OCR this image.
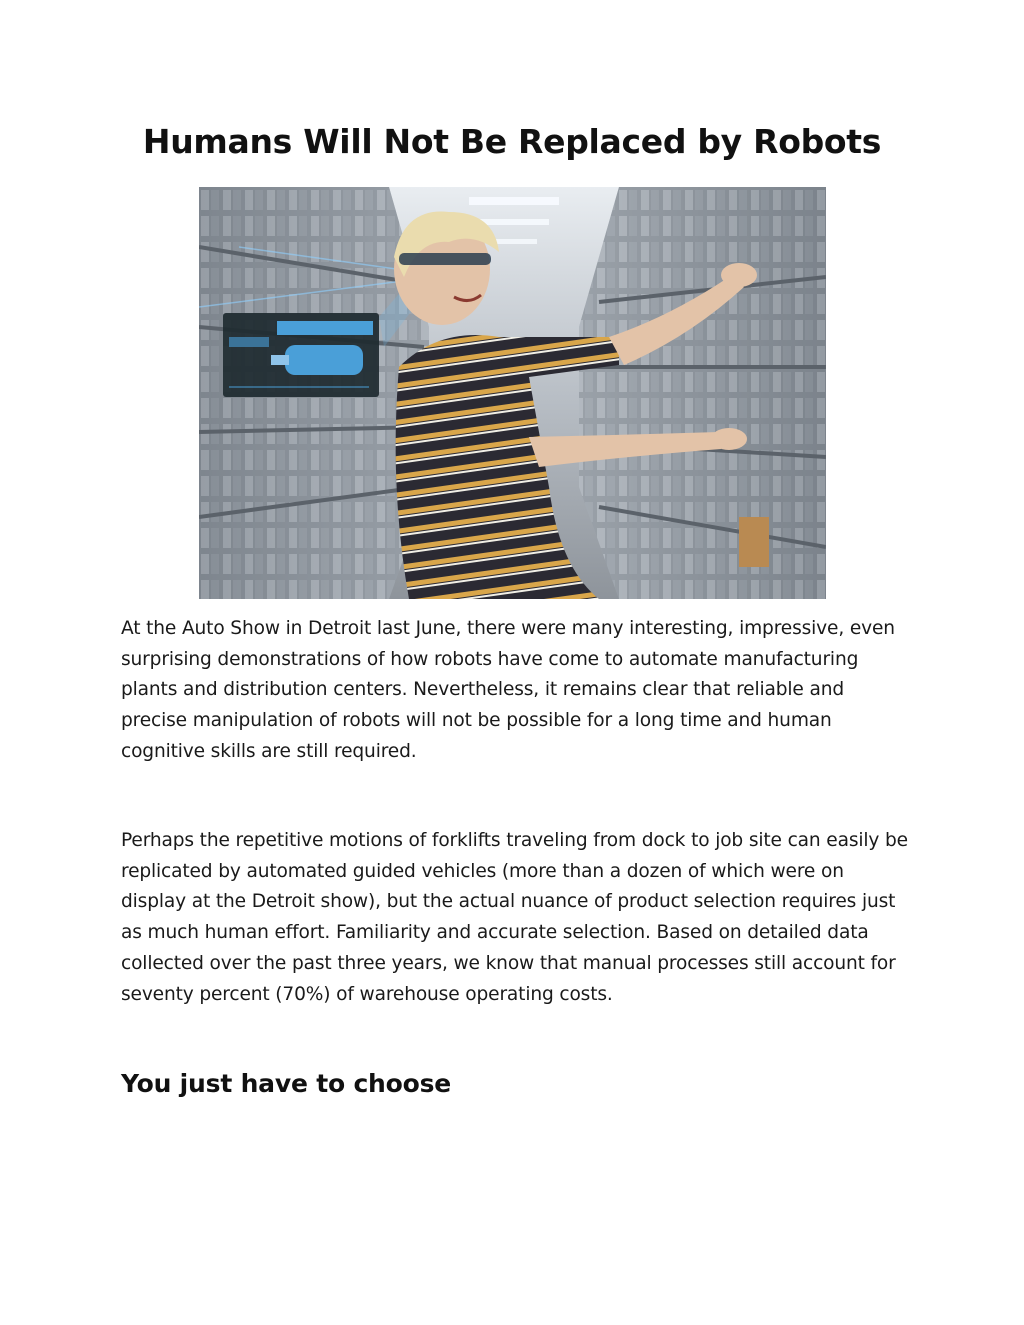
Humans Will Not Be Replaced by Robots

At the Auto Show in Detroit last June, there were many interesting, impressive, even surprising demonstrations of how robots have come to automate manufacturing plants and distribution centers. Nevertheless, it remains clear that reliable and precise manipulation of robots will not be possible for a long time and human cognitive skills are still required.

Perhaps the repetitive motions of forklifts traveling from dock to job site can easily be replicated by automated guided vehicles (more than a dozen of which were on display at the Detroit show), but the actual nuance of product selection requires just as much human effort. Familiarity and accurate selection. Based on detailed data collected over the past three years, we know that manual processes still account for seventy percent (70%) of warehouse operating costs.

You just have to choose
